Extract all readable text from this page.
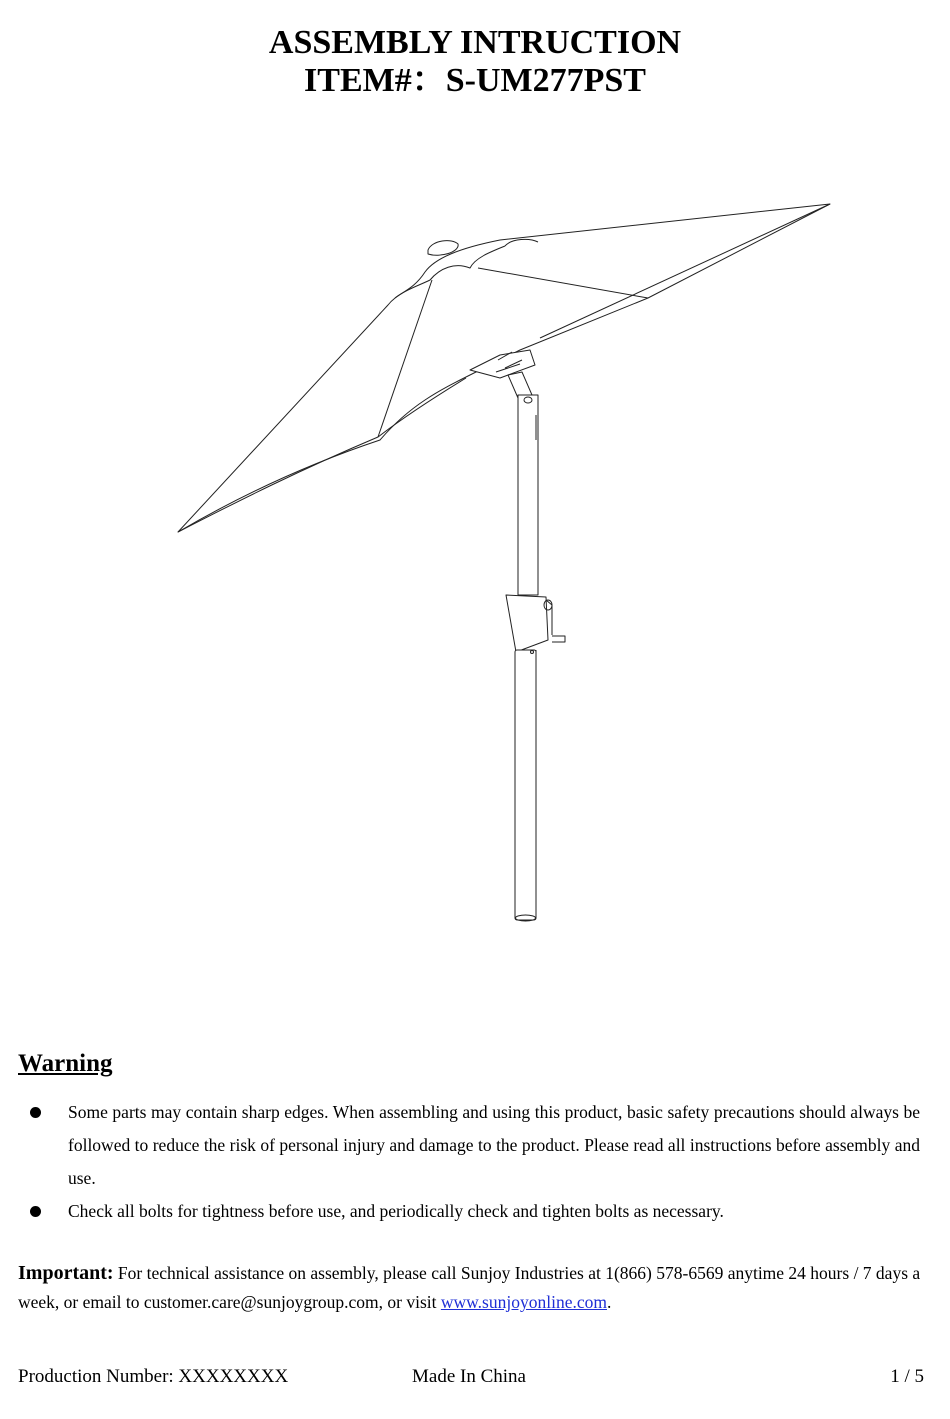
ASSEMBLY INTRUCTION
ITEM#：S-UM277PST
Warning
Some parts may contain sharp edges. When assembling and using this product, basic safety precautions should always be followed to reduce the risk of personal injury and damage to the product. Please read all instructions before assembly and use.
Check all bolts for tightness before use, and periodically check and tighten bolts as necessary.
Important: For technical assistance on assembly, please call Sunjoy Industries at 1(866) 578-6569 anytime 24 hours / 7 days a week, or email to customer.care@sunjoygroup.com, or visit www.sunjoyonline.com.
Production Number: XXXXXXXX	Made In China	1 / 5
